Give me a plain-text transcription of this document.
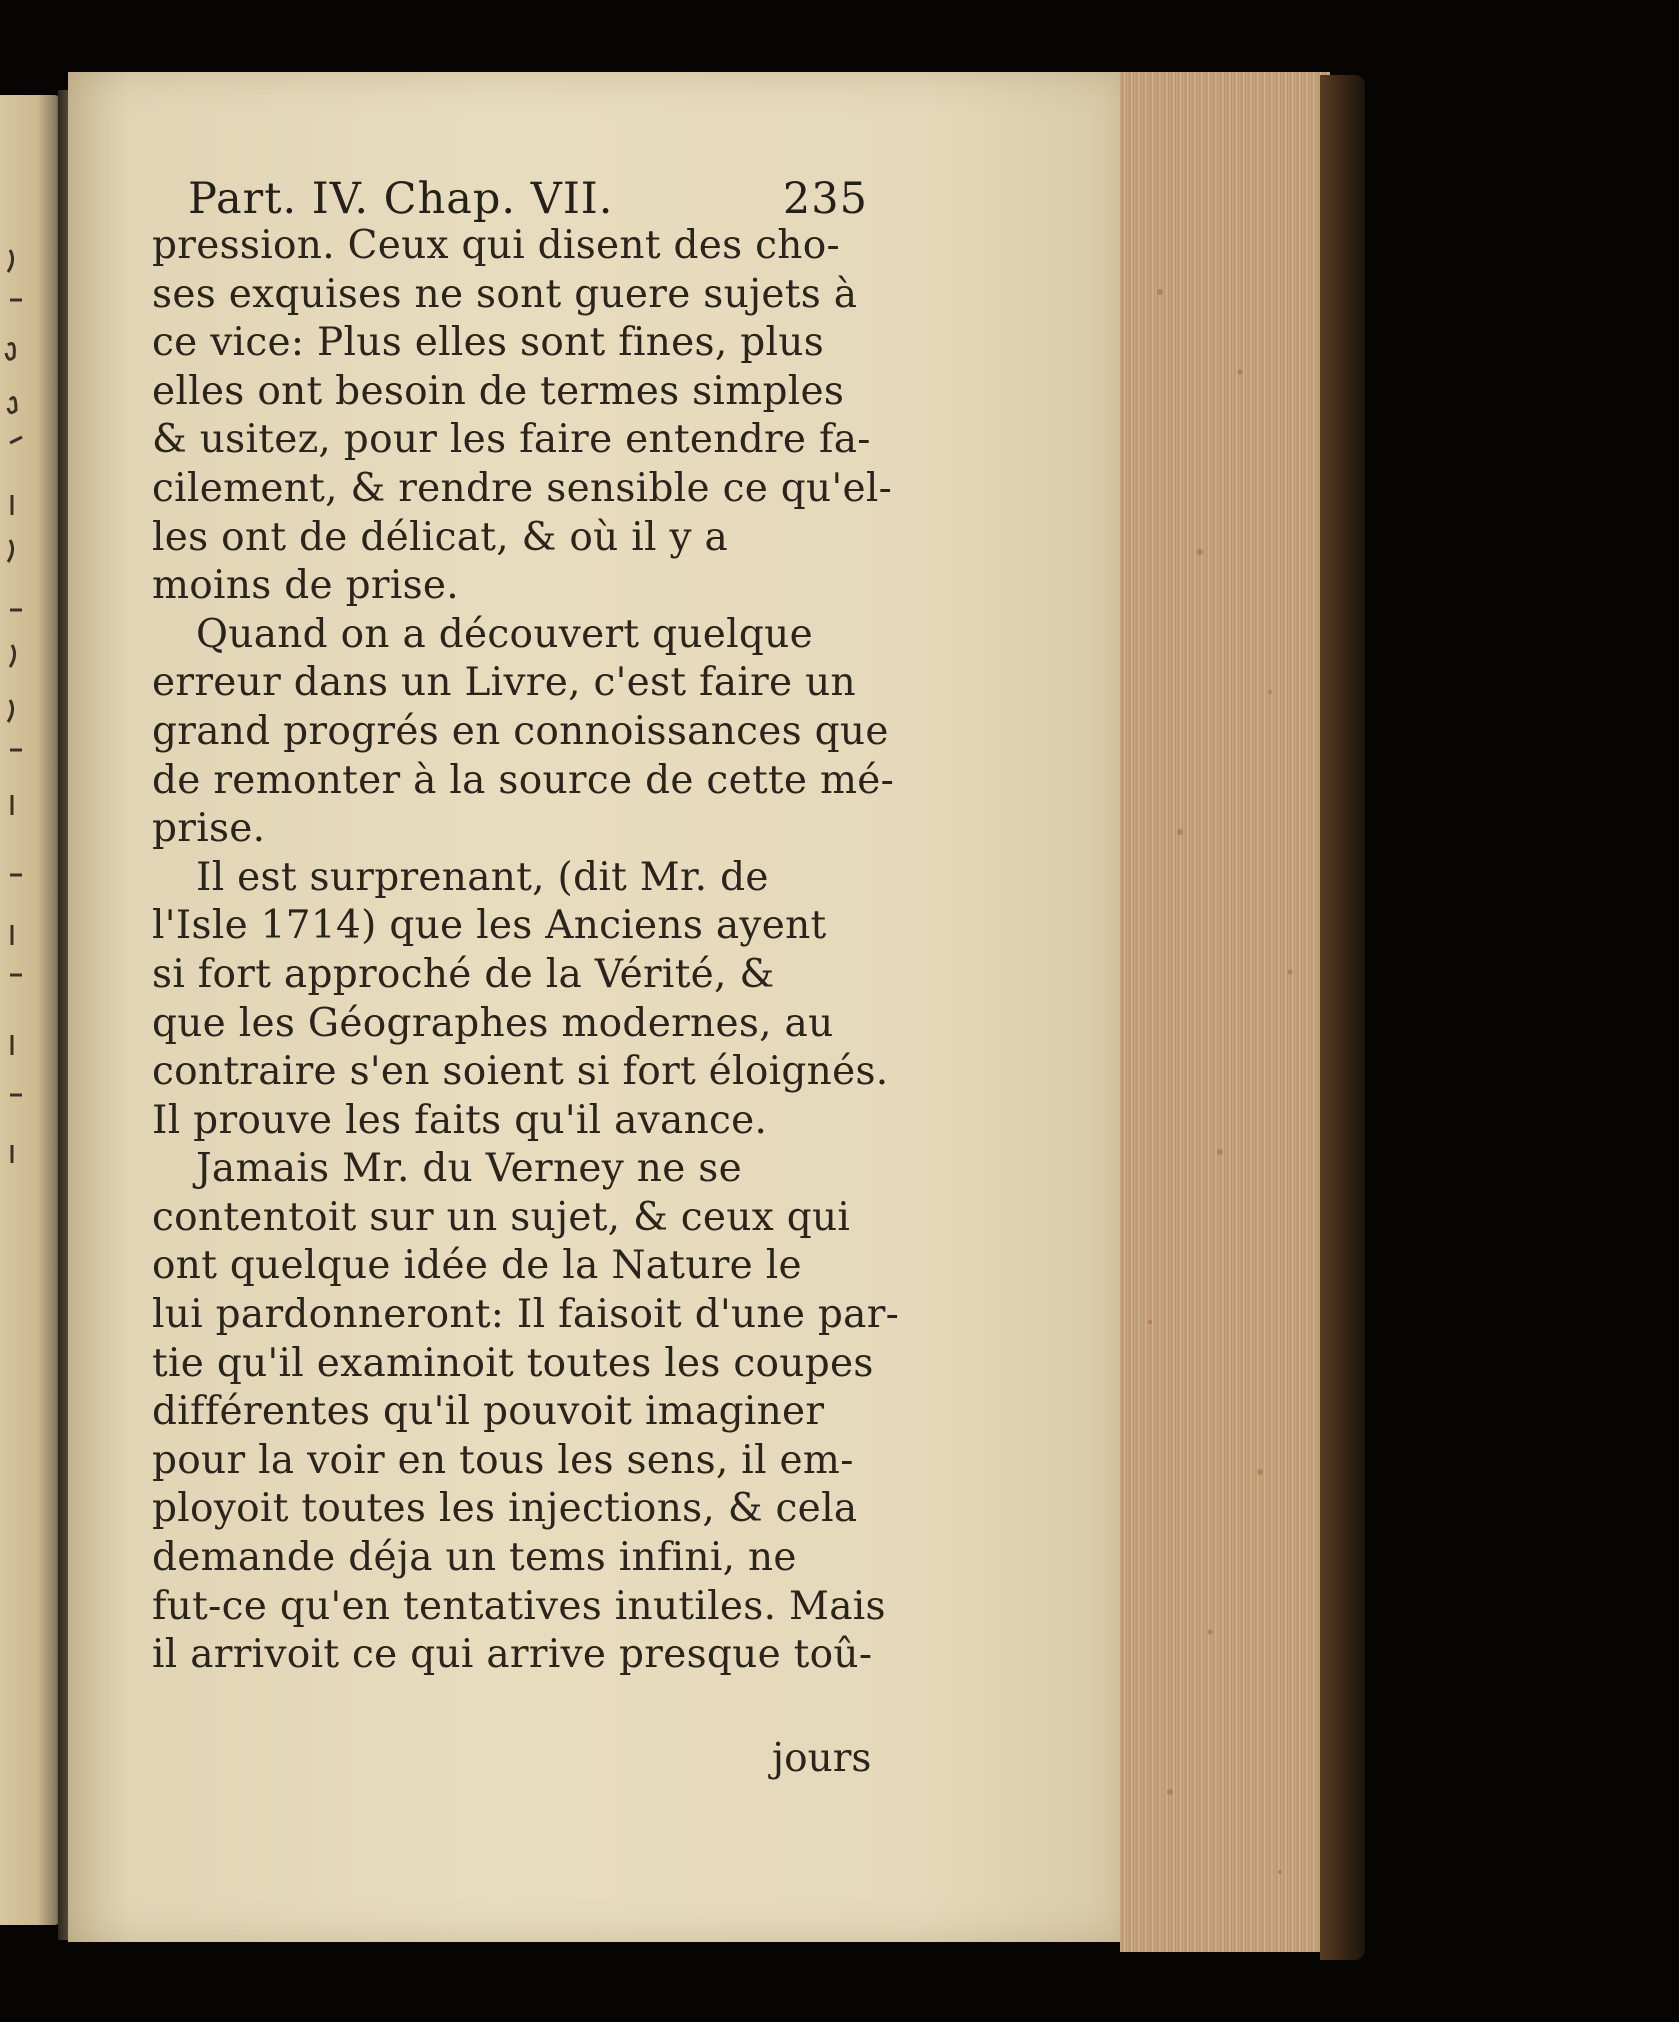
Part. IV. Chap. VII.	235
pression. Ceux qui disent des cho-
ses exquises ne sont guere sujets à
ce vice: Plus elles sont fines, plus
elles ont besoin de termes simples
& usitez, pour les faire entendre fa-
cilement, & rendre sensible ce qu'el-
les ont de délicat, & où il y a
moins de prise.
Quand on a découvert quelque
erreur dans un Livre, c'est faire un
grand progrés en connoissances que
de remonter à la source de cette mé-
prise.
Il est surprenant, (dit Mr. de
l'Isle 1714) que les Anciens ayent
si fort approché de la Vérité, &
que les Géographes modernes, au
contraire s'en soient si fort éloignés.
Il prouve les faits qu'il avance.
Jamais Mr. du Verney ne se
contentoit sur un sujet, & ceux qui
ont quelque idée de la Nature le
lui pardonneront: Il faisoit d'une par-
tie qu'il examinoit toutes les coupes
différentes qu'il pouvoit imaginer
pour la voir en tous les sens, il em-
ployoit toutes les injections, & cela
demande déja un tems infini, ne
fut-ce qu'en tentatives inutiles. Mais
il arrivoit ce qui arrive presque toû-
jours
